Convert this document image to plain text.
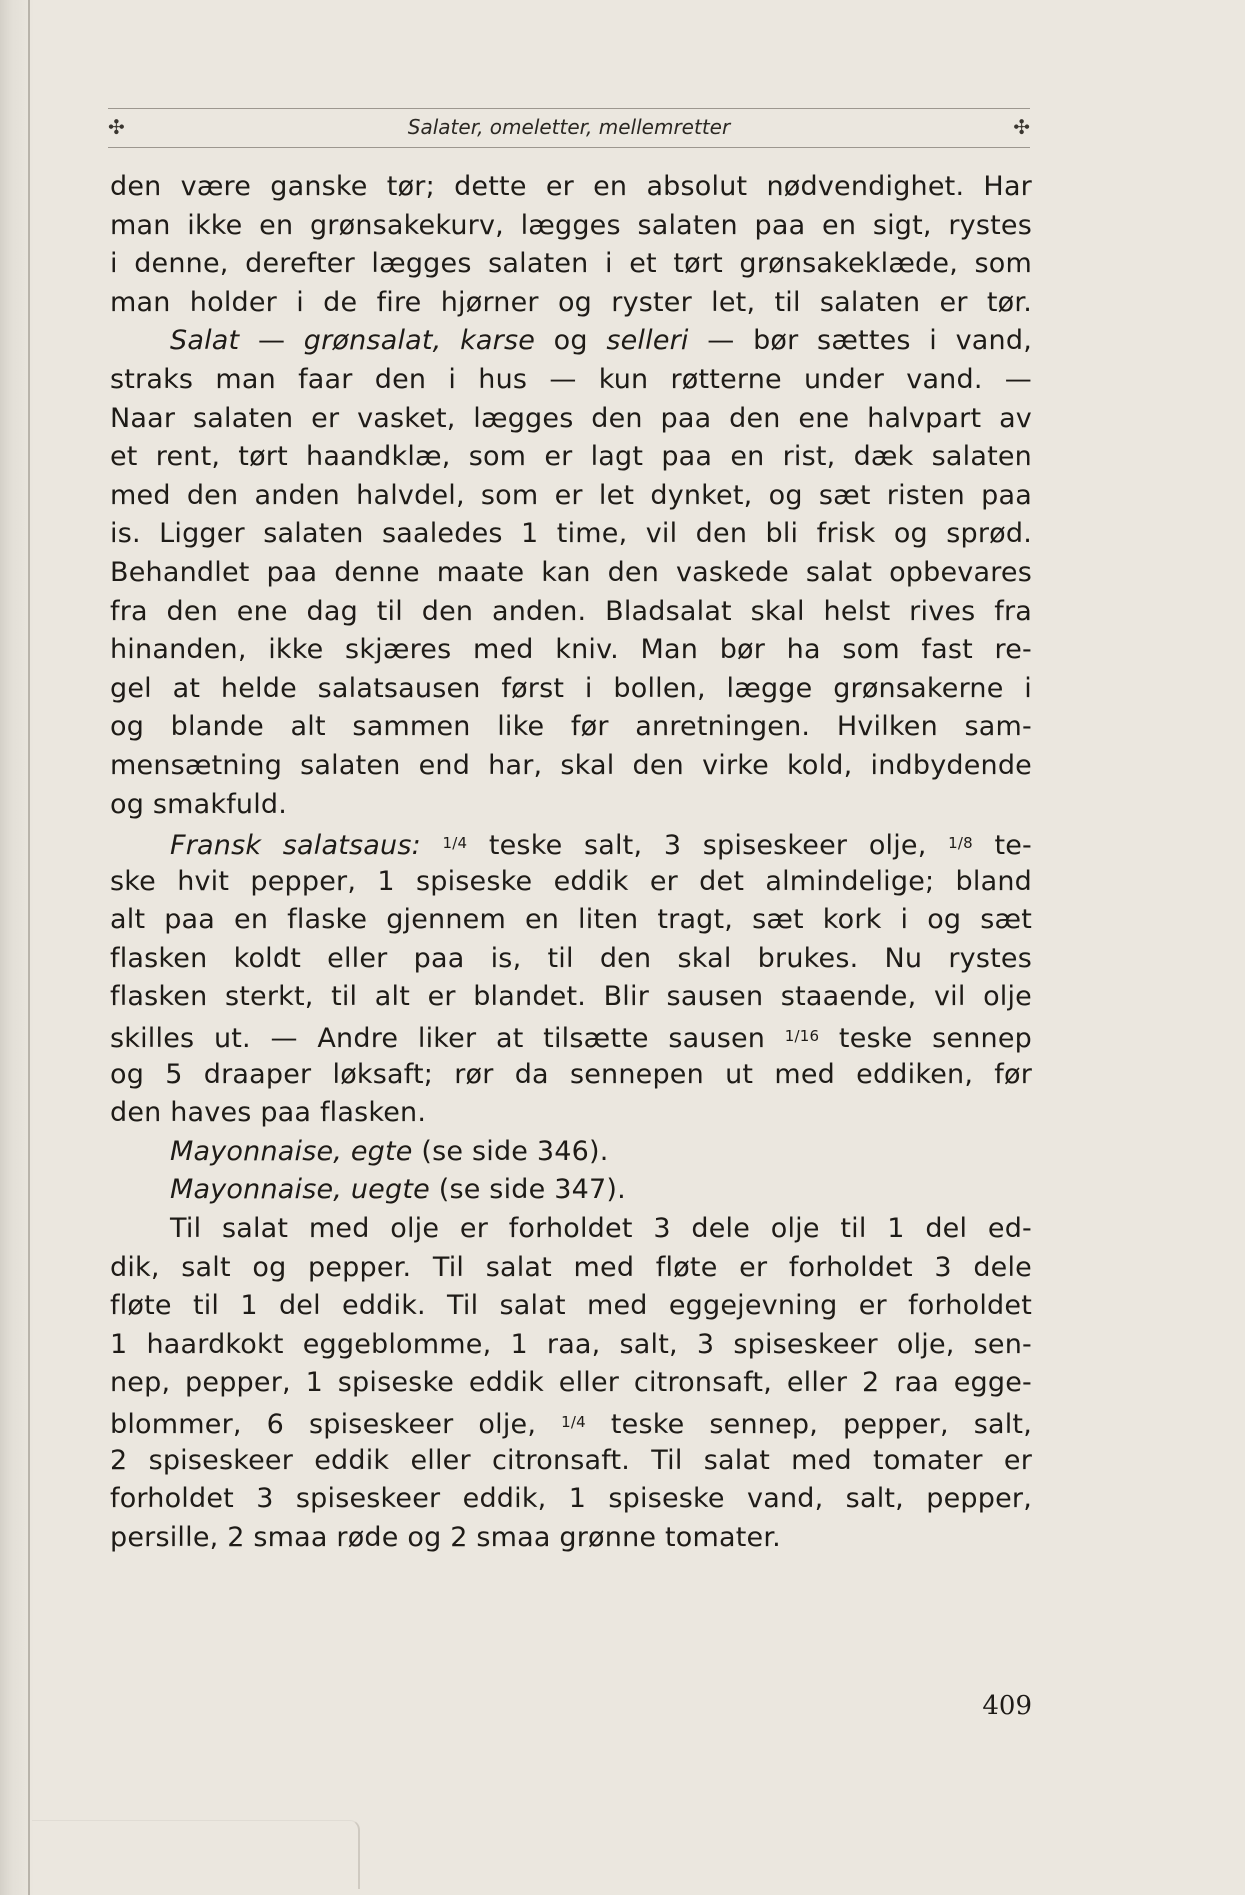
✣	Salater, omeletter, mellemretter	✣
den være ganske tør; dette er en absolut nødvendighet. Har
man ikke en grønsakekurv, lægges salaten paa en sigt, rystes
i denne, derefter lægges salaten i et tørt grønsakeklæde, som
man holder i de fire hjørner og ryster let, til salaten er tør.
Salat — grønsalat, karse og selleri — bør sættes i vand,
straks man faar den i hus — kun røtterne under vand. —
Naar salaten er vasket, lægges den paa den ene halvpart av
et rent, tørt haandklæ, som er lagt paa en rist, dæk salaten
med den anden halvdel, som er let dynket, og sæt risten paa
is. Ligger salaten saaledes 1 time, vil den bli frisk og sprød.
Behandlet paa denne maate kan den vaskede salat opbevares
fra den ene dag til den anden. Bladsalat skal helst rives fra
hinanden, ikke skjæres med kniv. Man bør ha som fast re-
gel at helde salatsausen først i bollen, lægge grønsakerne i
og blande alt sammen like før anretningen. Hvilken sam-
mensætning salaten end har, skal den virke kold, indbydende
og smakfuld.
Fransk salatsaus: $^{1/4}$ teske salt, 3 spiseskeer olje, $^{1/8}$ te-
ske hvit pepper, 1 spiseske eddik er det almindelige; bland
alt paa en flaske gjennem en liten tragt, sæt kork i og sæt
flasken koldt eller paa is, til den skal brukes. Nu rystes
flasken sterkt, til alt er blandet. Blir sausen staaende, vil olje
skilles ut. — Andre liker at tilsætte sausen $^{1/16}$ teske sennep
og 5 draaper løksaft; rør da sennepen ut med eddiken, før
den haves paa flasken.
Mayonnaise, egte (se side 346).
Mayonnaise, uegte (se side 347).
Til salat med olje er forholdet 3 dele olje til 1 del ed-
dik, salt og pepper. Til salat med fløte er forholdet 3 dele
fløte til 1 del eddik. Til salat med eggejevning er forholdet
1 haardkokt eggeblomme, 1 raa, salt, 3 spiseskeer olje, sen-
nep, pepper, 1 spiseske eddik eller citronsaft, eller 2 raa egge-
blommer, 6 spiseskeer olje, $^{1/4}$ teske sennep, pepper, salt,
2 spiseskeer eddik eller citronsaft. Til salat med tomater er
forholdet 3 spiseskeer eddik, 1 spiseske vand, salt, pepper,
persille, 2 smaa røde og 2 smaa grønne tomater.
409
